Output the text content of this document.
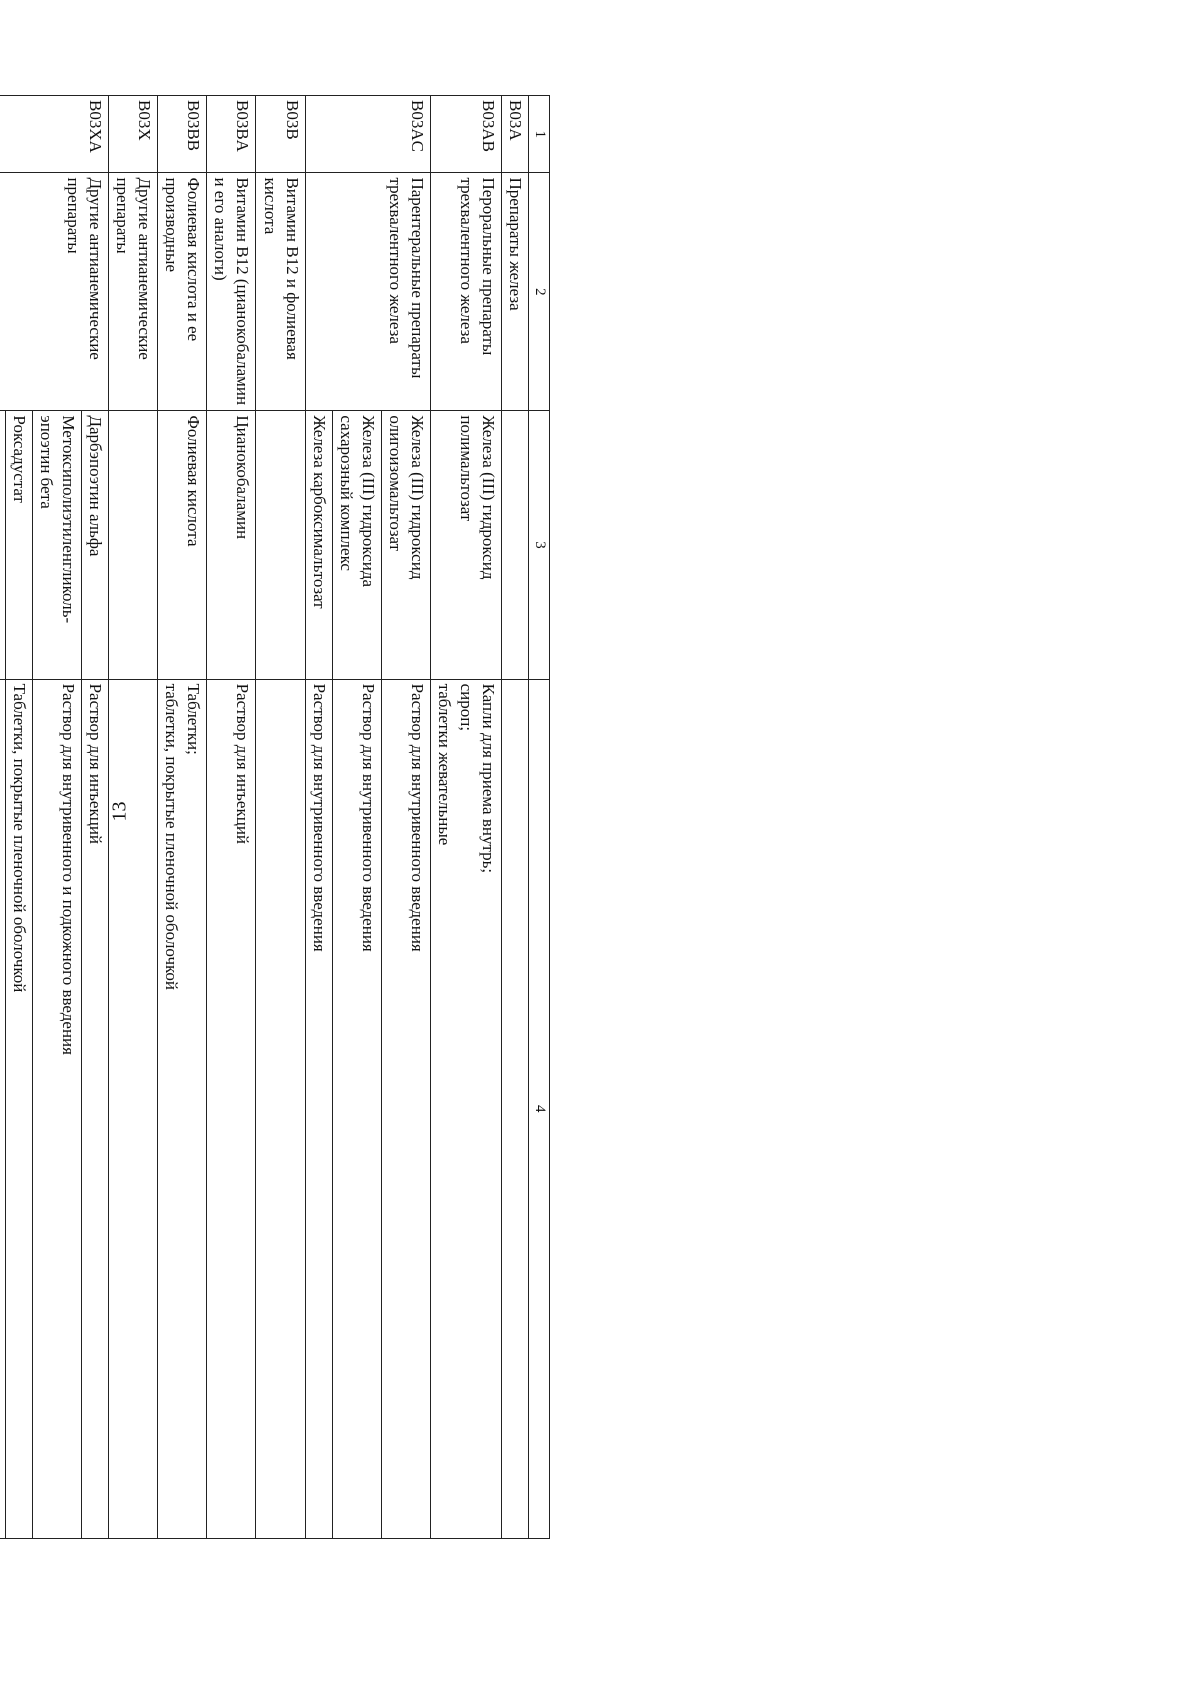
13
1	2	3	4
B03A	Препараты железа		
B03AB	Пероральные препараты трехвалентного железа	Железа (III) гидроксид полимальтозат	Капли для приема внутрь;
сироп;
таблетки жевательные

B03AC	Парентеральные препараты трехвалентного железа	Железа (III) гидроксид олигоизомальтозат	Раствор для внутривенного введения
		Железа (III) гидроксида сахарозный комплекс	Раствор для внутривенного введения
		Железа карбоксимальтозат	Раствор для внутривенного введения
B03B	Витамин В12 и фолиевая кислота		
B03BA	Витамин В12 (цианокобаламин и его аналоги)	Цианокобаламин	Раствор для инъекций
B03BB	Фолиевая кислота и ее производные	Фолиевая кислота	Таблетки;
таблетки, покрытые пленочной оболочкой

B03X	Другие антианемические препараты		
B03XA	Другие антианемические препараты	Дарбэпоэтин альфа	Раствор для инъекций
		Метоксиполиэтиленгликоль-эпоэтин бета	Раствор для внутривенного и подкожного введения
		Роксадустат	Таблетки, покрытые пленочной оболочкой
